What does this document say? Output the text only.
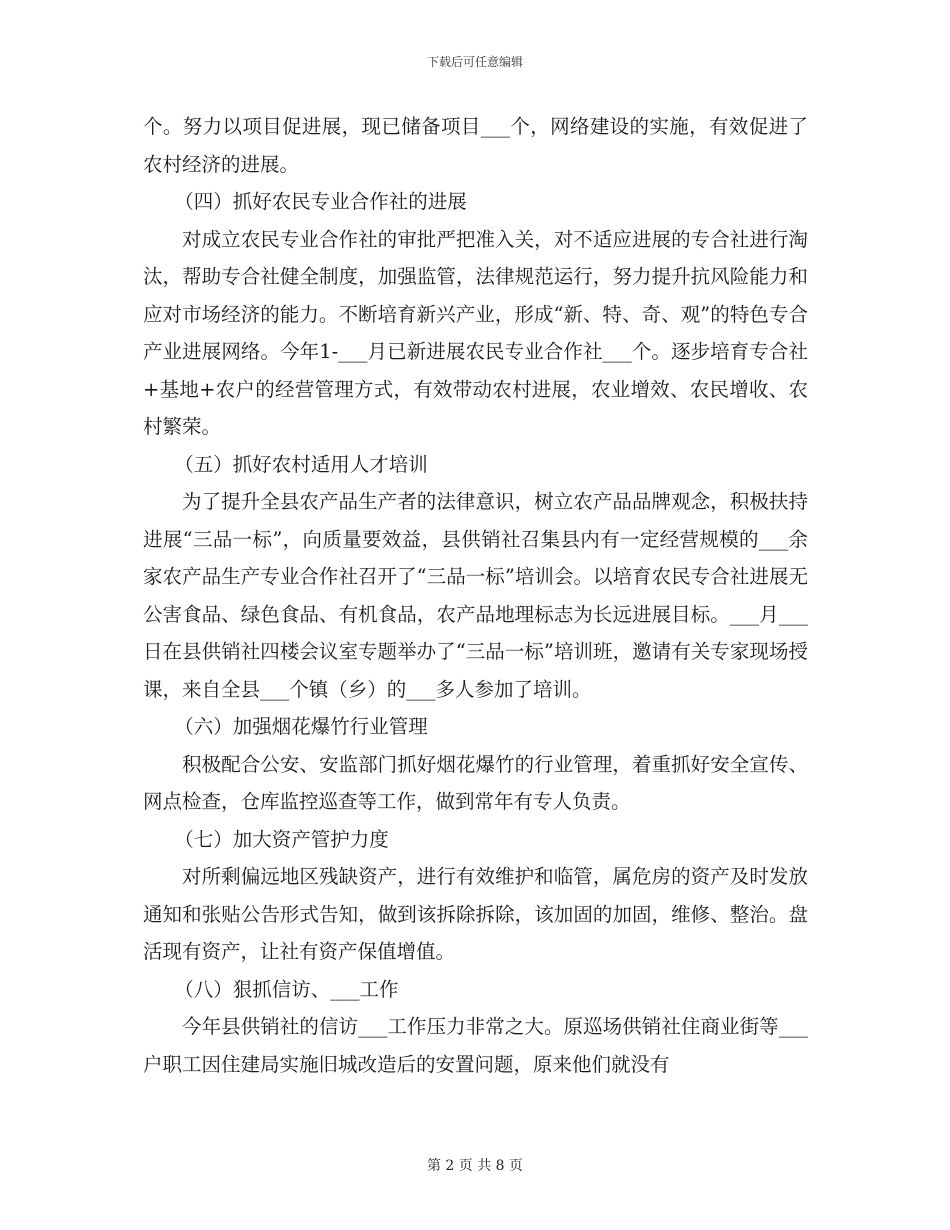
下载后可任意编辑

个。努力以项目促进展，现已储备项目___个，网络建设的实施，有效促进了农村经济的进展。

（四）抓好农民专业合作社的进展

对成立农民专业合作社的审批严把准入关，对不适应进展的专合社进行淘汰，帮助专合社健全制度，加强监管，法律规范运行，努力提升抗风险能力和应对市场经济的能力。不断培育新兴产业，形成“新、特、奇、观”的特色专合产业进展网络。今年1-___月已新进展农民专业合作社___个。逐步培育专合社+基地+农户的经营管理方式，有效带动农村进展，农业增效、农民增收、农村繁荣。

（五）抓好农村适用人才培训

为了提升全县农产品生产者的法律意识，树立农产品品牌观念，积极扶持进展“三品一标”，向质量要效益，县供销社召集县内有一定经营规模的___余家农产品生产专业合作社召开了“三品一标”培训会。以培育农民专合社进展无公害食品、绿色食品、有机食品，农产品地理标志为长远进展目标。___月___日在县供销社四楼会议室专题举办了“三品一标”培训班，邀请有关专家现场授课，来自全县___个镇（乡）的___多人参加了培训。

（六）加强烟花爆竹行业管理

积极配合公安、安监部门抓好烟花爆竹的行业管理，着重抓好安全宣传、网点检查，仓库监控巡查等工作，做到常年有专人负责。

（七）加大资产管护力度

对所剩偏远地区残缺资产，进行有效维护和临管，属危房的资产及时发放通知和张贴公告形式告知，做到该拆除拆除，该加固的加固，维修、整治。盘活现有资产，让社有资产保值增值。

（八）狠抓信访、___工作

今年县供销社的信访___工作压力非常之大。原巡场供销社住商业街等___户职工因住建局实施旧城改造后的安置问题，原来他们就没有

第 2 页 共 8 页
